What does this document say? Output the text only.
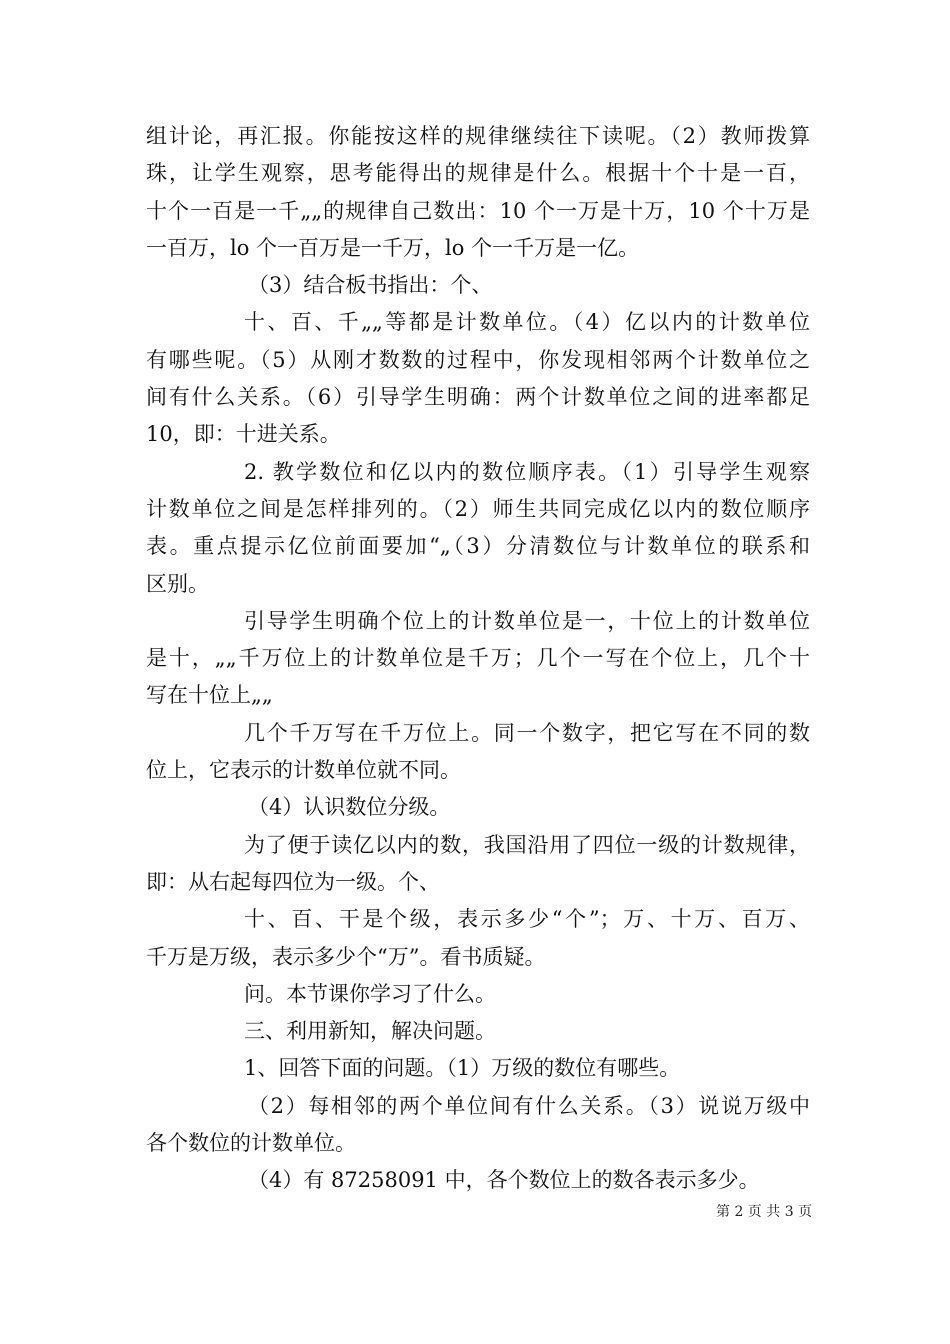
组计论，再汇报。你能按这样的规律继续往下读呢。（2）教师拨算
珠，让学生观察，思考能得出的规律是什么。根据十个十是一百，
十个一百是一千„„的规律自己数出：10 个一万是十万，10 个十万是
一百万，lo 个一百万是一千万，lo 个一千万是一亿。
（3）结合板书指出：个、
十、百、千„„等都是计数单位。（4）亿以内的计数单位
有哪些呢。（5）从刚才数数的过程中，你发现相邻两个计数单位之
间有什么关系。（6）引导学生明确：两个计数单位之间的进率都足
10，即：十进关系。
2. 教学数位和亿以内的数位顺序表。（1）引导学生观察
计数单位之间是怎样排列的。（2）师生共同完成亿以内的数位顺序
表。重点提示亿位前面要加“„（3）分清数位与计数单位的联系和
区别。
引导学生明确个位上的计数单位是一，十位上的计数单位
是十，„„千万位上的计数单位是千万；几个一写在个位上，几个十
写在十位上„„
几个千万写在千万位上。同一个数字，把它写在不同的数
位上，它表示的计数单位就不同。
（4）认识数位分级。
为了便于读亿以内的数，我国沿用了四位一级的计数规律，
即：从右起每四位为一级。个、
十、百、干是个级，表示多少“个”；万、十万、百万、
千万是万级，表示多少个“万”。看书质疑。
问。本节课你学习了什么。
三、利用新知，解决问题。
1、回答下面的问题。（1）万级的数位有哪些。
（2）每相邻的两个单位间有什么关系。（3）说说万级中
各个数位的计数单位。
（4）有 87258091 中，各个数位上的数各表示多少。
第 2 页 共 3 页
